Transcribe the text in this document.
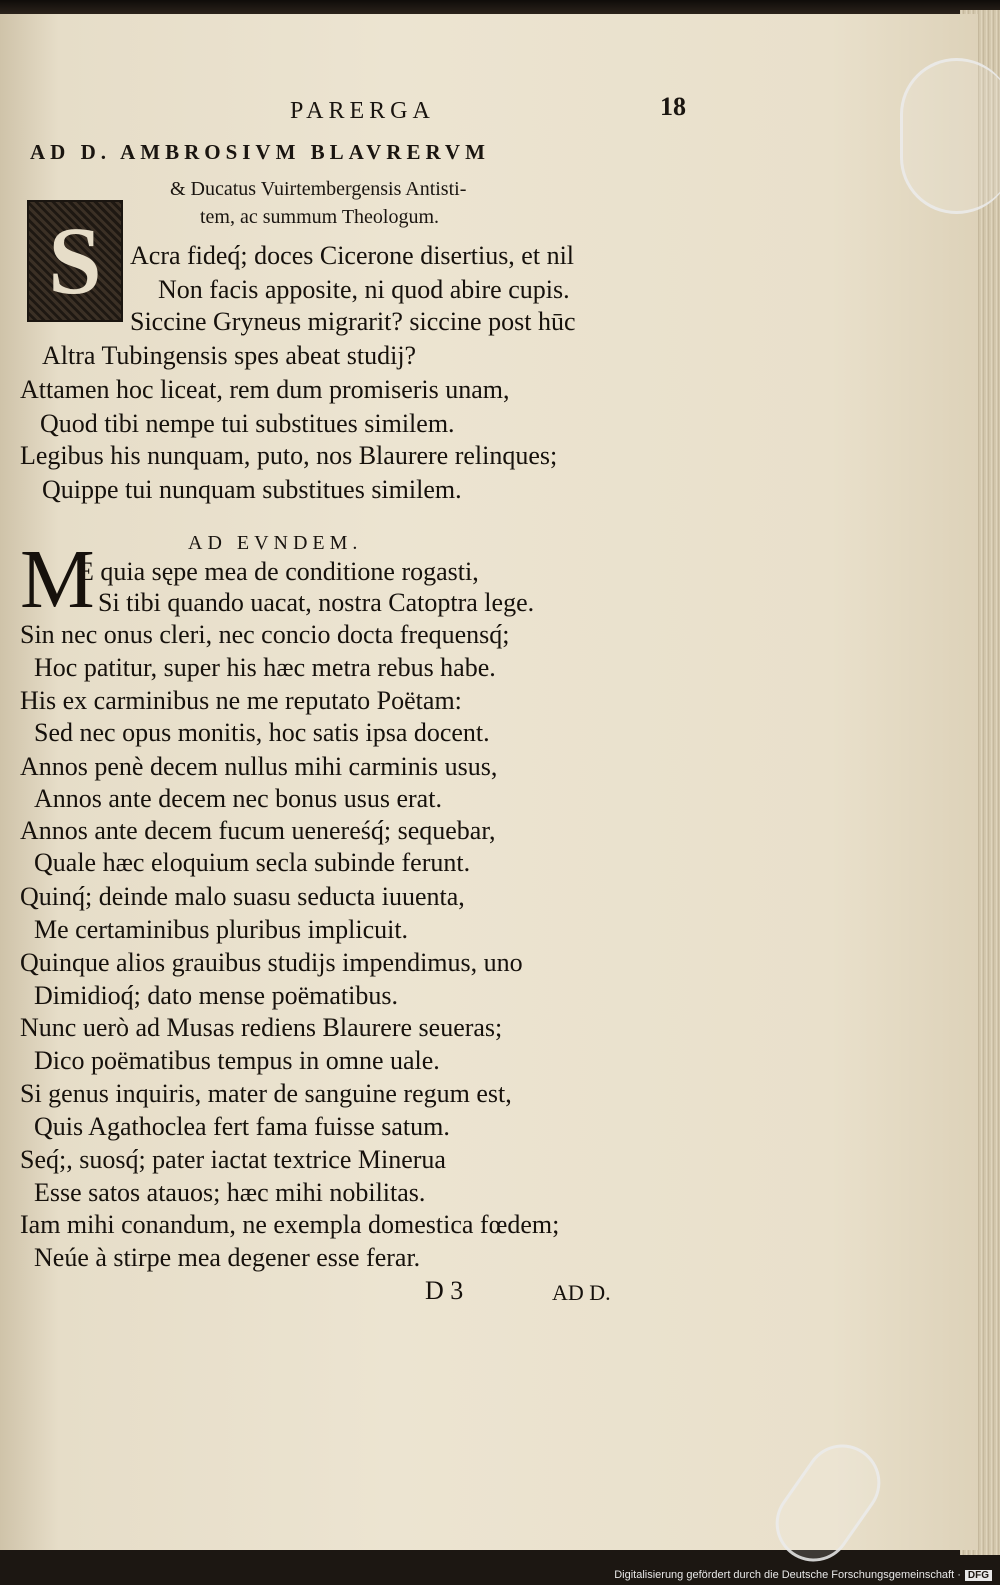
PARERGA	18
AD D. AMBROSIVM BLAVRERVM
& Ducatus Vuirtembergensis Antisti-
tem, ac summum Theologum.
S Acra fideq́; doces Cicerone disertius, et nil
Non facis apposite, ni quod abire cupis.
Siccine Gryneus migrarit? siccine post hūc
Altra Tubingensis spes abeat studij?
Attamen hoc liceat, rem dum promiseris unam,
Quod tibi nempe tui substitues similem.
Legibus his nunquam, puto, nos Blaurere relinques;
Quippe tui nunquam substitues similem.
AD EVNDEM.
M
E quia sępe mea de conditione rogasti,
Si tibi quando uacat, nostra Catoptra lege.
Sin nec onus cleri, nec concio docta frequensq́;
Hoc patitur, super his hæc metra rebus habe.
His ex carminibus ne me reputato Poëtam:
Sed nec opus monitis, hoc satis ipsa docent.
Annos penè decem nullus mihi carminis usus,
Annos ante decem nec bonus usus erat.
Annos ante decem fucum uenereśq́; sequebar,
Quale hæc eloquium secla subinde ferunt.
Quinq́; deinde malo suasu seducta iuuenta,
Me certaminibus pluribus implicuit.
Quinque alios grauibus studijs impendimus, uno
Dimidioq́; dato mense poëmatibus.
Nunc uerò ad Musas rediens Blaurere seueras;
Dico poëmatibus tempus in omne uale.
Si genus inquiris, mater de sanguine regum est,
Quis Agathoclea fert fama fuisse satum.
Seq́;, suosq́; pater iactat textrice Minerua
Esse satos atauos; hæc mihi nobilitas.
Iam mihi conandum, ne exempla domestica fœdem;
Neúe à stirpe mea degener esse ferar.
D 3	AD D.
Digitalisierung gefördert durch die Deutsche Forschungsgemeinschaft · DFG
